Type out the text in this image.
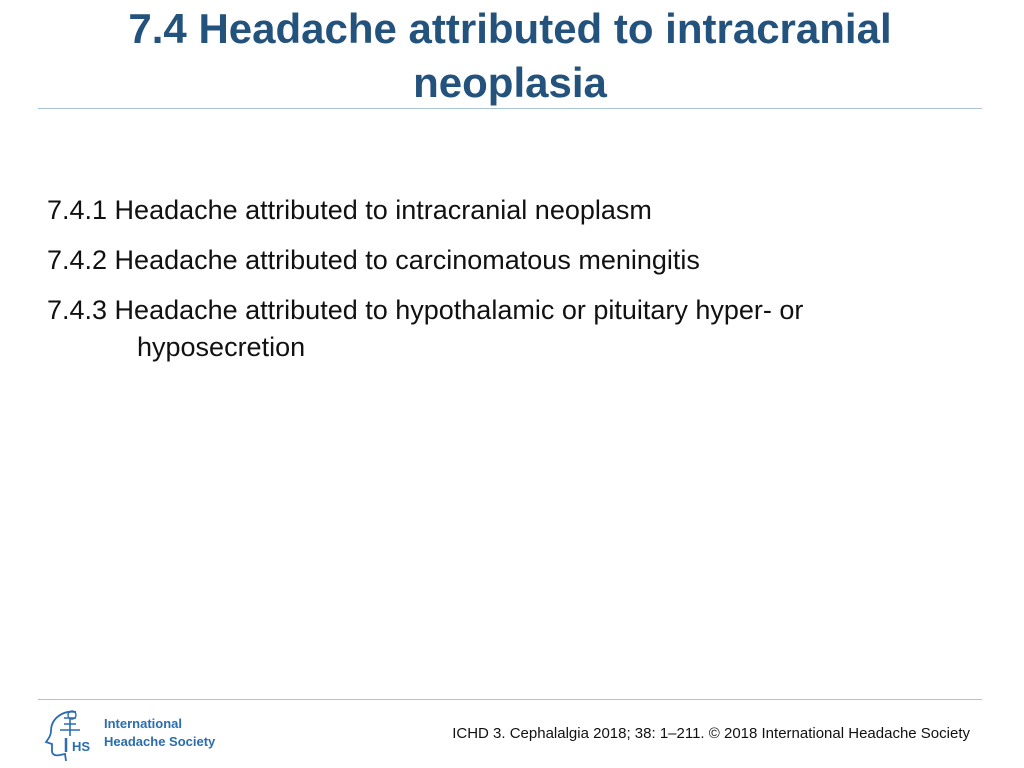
7.4 Headache attributed to intracranial neoplasia
7.4.1 Headache attributed to intracranial neoplasm
7.4.2 Headache attributed to carcinomatous meningitis
7.4.3 Headache attributed to hypothalamic or pituitary hyper- or hyposecretion
HS
International
Headache Society	ICHD 3. Cephalalgia 2018; 38: 1–211. © 2018 International Headache Society
